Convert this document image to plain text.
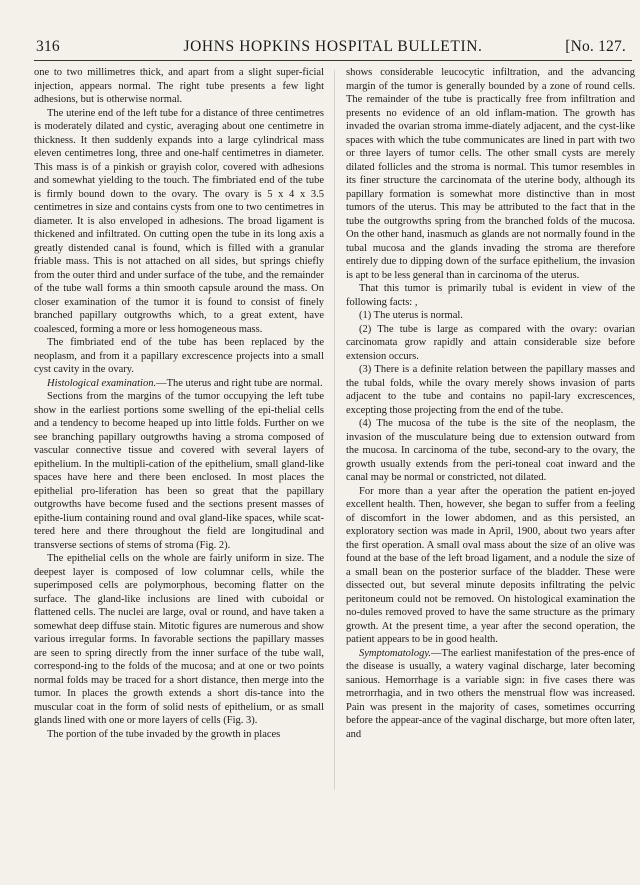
316	JOHNS HOPKINS HOSPITAL BULLETIN.	[No. 127.

one to two millimetres thick, and apart from a slight super-ficial injection, appears normal. The right tube presents a few light adhesions, but is otherwise normal.

The uterine end of the left tube for a distance of three centimetres is moderately dilated and cystic, averaging about one centimetre in thickness. It then suddenly expands into a large cylindrical mass eleven centimetres long, three and one-half centimetres in diameter. This mass is of a pinkish or grayish color, covered with adhesions and somewhat yielding to the touch. The fimbriated end of the tube is firmly bound down to the ovary. The ovary is 5 x 4 x 3.5 centimetres in size and contains cysts from one to two centimetres in diameter. It is also enveloped in adhesions. The broad ligament is thickened and infiltrated. On cutting open the tube in its long axis a greatly distended canal is found, which is filled with a granular friable mass. This is not attached on all sides, but springs chiefly from the outer third and under surface of the tube, and the remainder of the tube wall forms a thin smooth capsule around the mass. On closer examination of the tumor it is found to consist of finely branched papillary outgrowths which, to a great extent, have coalesced, forming a more or less homogeneous mass.

The fimbriated end of the tube has been replaced by the neoplasm, and from it a papillary excrescence projects into a small cyst cavity in the ovary.

Histological examination.—The uterus and right tube are normal.

Sections from the margins of the tumor occupying the left tube show in the earliest portions some swelling of the epi-thelial cells and a tendency to become heaped up into little folds. Further on we see branching papillary outgrowths having a stroma composed of vascular connective tissue and covered with several layers of epithelium. In the multipli-cation of the epithelium, small gland-like spaces have here and there been enclosed. In most places the epithelial pro-liferation has been so great that the papillary outgrowths have become fused and the sections present masses of epithe-lium containing round and oval gland-like spaces, while scat-tered here and there throughout the field are longitudinal and transverse sections of stems of stroma (Fig. 2).

The epithelial cells on the whole are fairly uniform in size. The deepest layer is composed of low columnar cells, while the superimposed cells are polymorphous, becoming flatter on the surface. The gland-like inclusions are lined with cuboidal or flattened cells. The nuclei are large, oval or round, and have taken a somewhat deep diffuse stain. Mitotic figures are numerous and show various irregular forms. In favorable sections the papillary masses are seen to spring directly from the inner surface of the tube wall, correspond-ing to the folds of the mucosa; and at one or two points normal folds may be traced for a short distance, then merge into the tumor. In places the growth extends a short dis-tance into the muscular coat in the form of solid nests of epithelium, or as small glands lined with one or more layers of cells (Fig. 3).

The portion of the tube invaded by the growth in places

shows considerable leucocytic infiltration, and the advancing margin of the tumor is generally bounded by a zone of round cells. The remainder of the tube is practically free from infiltration and presents no evidence of an old inflam-mation. The growth has invaded the ovarian stroma imme-diately adjacent, and the cyst-like spaces with which the tube communicates are lined in part with two or three layers of tumor cells. The other small cysts are merely dilated follicles and the stroma is normal. This tumor resembles in its finer structure the carcinomata of the uterine body, although its papillary formation is somewhat more distinctive than in most tumors of the uterus. This may be attributed to the fact that in the tube the outgrowths spring from the branched folds of the mucosa. On the other hand, inasmuch as glands are not normally found in the tubal mucosa and the glands invading the stroma are therefore entirely due to dipping down of the surface epithelium, the invasion is apt to be less general than in carcinoma of the uterus.

That this tumor is primarily tubal is evident in view of the following facts: ,

(1) The uterus is normal.

(2) The tube is large as compared with the ovary: ovarian carcinomata grow rapidly and attain considerable size before extension occurs.

(3) There is a definite relation between the papillary masses and the tubal folds, while the ovary merely shows invasion of parts adjacent to the tube and contains no papil-lary excrescences, excepting those projecting from the end of the tube.

(4) The mucosa of the tube is the site of the neoplasm, the invasion of the musculature being due to extension outward from the mucosa. In carcinoma of the tube, second-ary to the ovary, the growth usually extends from the peri-toneal coat inward and the canal may be normal or constricted, not dilated.

For more than a year after the operation the patient en-joyed excellent health. Then, however, she began to suffer from a feeling of discomfort in the lower abdomen, and as this persisted, an exploratory section was made in April, 1900, about two years after the first operation. A small oval mass about the size of an olive was found at the base of the left broad ligament, and a nodule the size of a small bean on the posterior surface of the bladder. These were dissected out, but several minute deposits infiltrating the pelvic peritoneum could not be removed. On histological examination the no-dules removed proved to have the same structure as the primary growth. At the present time, a year after the second operation, the patient appears to be in good health.

Symptomatology.—The earliest manifestation of the pres-ence of the disease is usually, a watery vaginal discharge, later becoming sanious. Hemorrhage is a variable sign: in five cases there was metrorrhagia, and in two others the menstrual flow was increased. Pain was present in the majority of cases, sometimes occurring before the appear-ance of the vaginal discharge, but more often later, and
